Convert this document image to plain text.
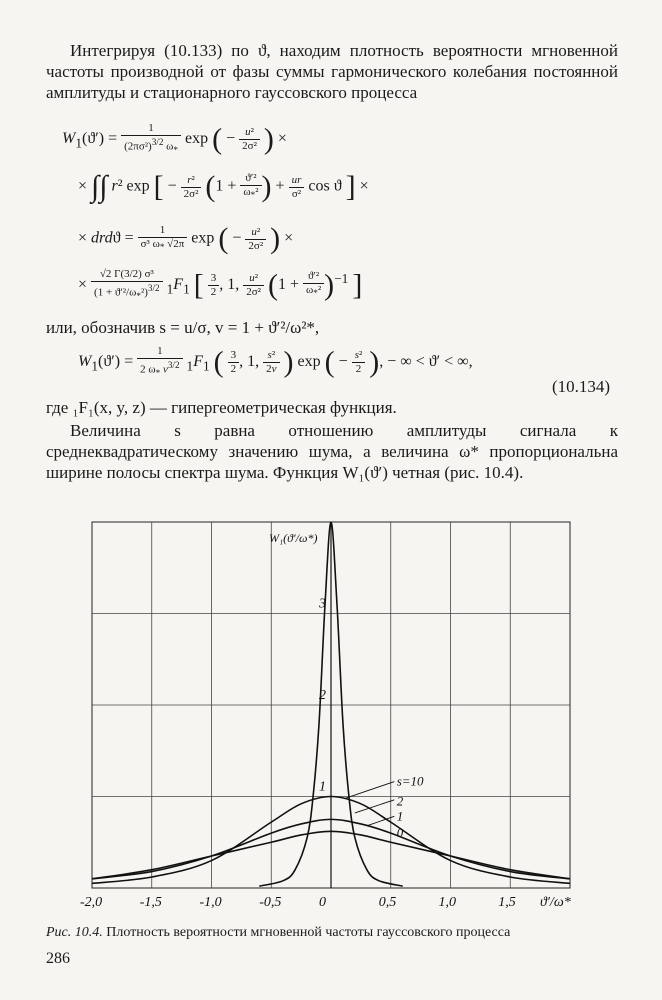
Интегрируя (10.133) по ϑ, находим плотность вероятности мгновенной частоты производной от фазы суммы гармонического колебания постоянной амплитуды и стационарного гауссовского процесса
$W_1(ϑ') = \frac{1}{(2\pi\sigma^2)^{3/2} \omega_*}$ exp ( − $\frac{\text{u²}}{\text{2σ²}}$ ) ×
× ∫∫ r² exp [ − $\frac{\text{r²}}{\text{2σ²}} (1 + \frac{\text{ϑ′²}}{\omega_*^2}$ ) + $\frac{ur}{\text{σ²}}$ cos ϑ ] ×
× $drdϑ = \frac{1}{\sigma^3 \omega_* √2\pi}$ exp ( − $\frac{\text{u²}}{\text{2σ²}}$ ) ×
× $\frac{\text{√2 Γ(3/2) σ³}}{(1 + ϑ'^2/\omega_*^2)^{3/2}} _1F_1$ [ $\frac{3}{2}$ , 1, $\frac{\text{u²}}{\text{2σ²}} (1 + \frac{\text{ϑ′²}}{\omega_*^2} )^{-1}$ ]
или, обозначив s = u/σ, v = 1 + ϑ′²/ω²*,
$W_1(ϑ') = \frac{1}{2 \omega_* v^{3/2}} _1F_1$ ( $\frac{3}{2}$ , 1, $\frac{\text{s²}}{2v}$ ) exp ( − $\frac{\text{s²}}{2}$ ), − ∞ < ϑ′ < ∞,
(10.134)
где ₁F₁(x, y, z) — гипергеометрическая функция.
Величина s равна отношению амплитуды сигнала к среднеквадратическому значению шума, а величина ω* пропорциональна ширине полосы спектра шума. Функция W₁(ϑ′) четная (рис. 10.4).
-2,0	-1,5	-1,0	-0,5	0	0,5	1,0	1,5 ϑ′/ω*
W₁(ϑ′/ω*)
1
2
3
s=10
2
1
0
Рис. 10.4. Плотность вероятности мгновенной частоты гауссовского процесса
286
